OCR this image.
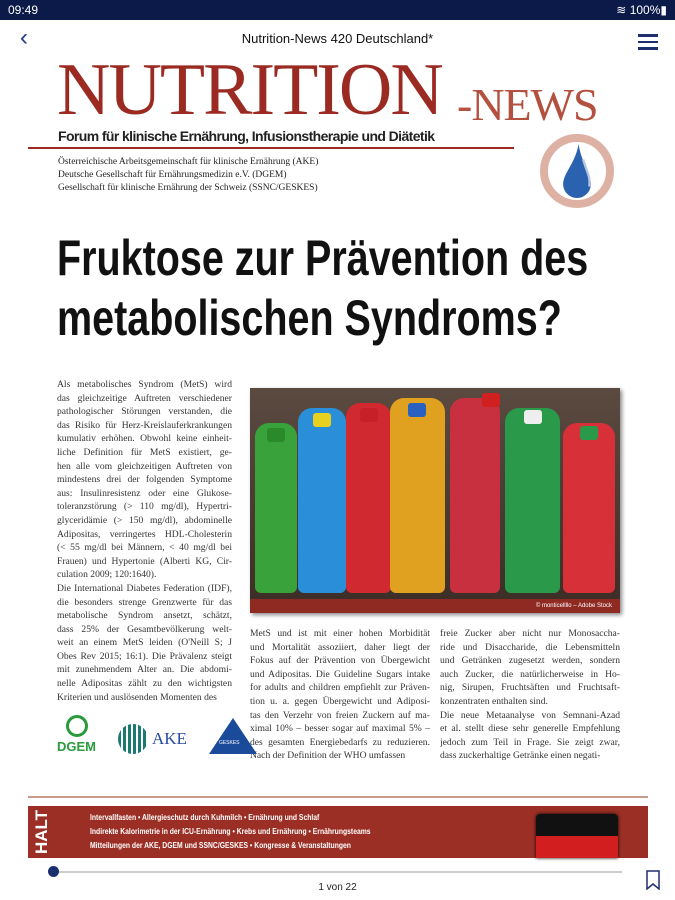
09:49	≋ 100%▮
‹	Nutrition-News 420 Deutschland*
NUTRITION -NEWS
Forum für klinische Ernährung, Infusionstherapie und Diätetik
Österreichische Arbeitsgemeinschaft für klinische Ernährung (AKE)
Deutsche Gesellschaft für Ernährungsmedizin e.V. (DGEM)
Gesellschaft für klinische Ernährung der Schweiz (SSNC/GESKES)
Fruktose zur Prävention des
metabolischen Syndroms?
Als metabolisches Syndrom (MetS) wird
das gleichzeitige Auftreten verschiedener
pathologischer Störungen verstanden, die
das Risiko für Herz-Kreislauferkrankungen
kumulativ erhöhen. Obwohl keine einheit-
liche Definition für MetS existiert, ge-
hen alle vom gleichzeitigen Auftreten von
mindestens drei der folgenden Symptome
aus: Insulinresistenz oder eine Glukose-
toleranzstörung (> 110 mg/dl), Hypertri-
glyceridämie (> 150 mg/dl), abdominelle
Adipositas, verringertes HDL-Cholesterin
(< 55 mg/dl bei Männern, < 40 mg/dl bei
Frauen) und Hypertonie (Alberti KG, Cir-
culation 2009; 120:1640).
Die International Diabetes Federation (IDF),
die besonders strenge Grenzwerte für das
metabolische Syndrom ansetzt, schätzt,
dass 25% der Gesamtbevölkerung welt-
weit an einem MetS leiden (O'Neill S; J
Obes Rev 2015; 16:1). Die Prävalenz steigt
mit zunehmendem Alter an. Die abdomi-
nelle Adipositas zählt zu den wichtigsten
Kriterien und auslösenden Momenten des
MetS und ist mit einer hohen Morbidität
und Mortalität assoziiert, daher liegt der
Fokus auf der Prävention von Übergewicht
und Adipositas. Die Guideline Sugars intake
for adults and children empfiehlt zur Präven-
tion u. a. gegen Übergewicht und Adiposi-
tas den Verzehr von freien Zuckern auf ma-
ximal 10% – besser sogar auf maximal 5% –
des gesamten Energiebedarfs zu reduzieren.
Nach der Definition der WHO umfassen
freie Zucker aber nicht nur Monosaccha-
ride und Disaccharide, die Lebensmitteln
und Getränken zugesetzt werden, sondern
auch Zucker, die natürlicherweise in Ho-
nig, Sirupen, Fruchtsäften und Fruchtsaft-
konzentraten enthalten sind.
Die neue Metaanalyse von Semnani-Azad
et al. stellt diese sehr generelle Empfehlung
jedoch zum Teil in Frage. Sie zeigt zwar,
dass zuckerhaltige Getränke einen negati-
© monticellllo – Adobe Stock
DGEM	AKE	GESKES
HALT	Intervallfasten • Allergieschutz durch Kuhmilch • Ernährung und Schlaf
Indirekte Kalorimetrie in der ICU-Ernährung • Krebs und Ernährung • Ernährungsteams
Mitteilungen der AKE, DGEM und SSNC/GESKES • Kongresse & Veranstaltungen
1 von 22
